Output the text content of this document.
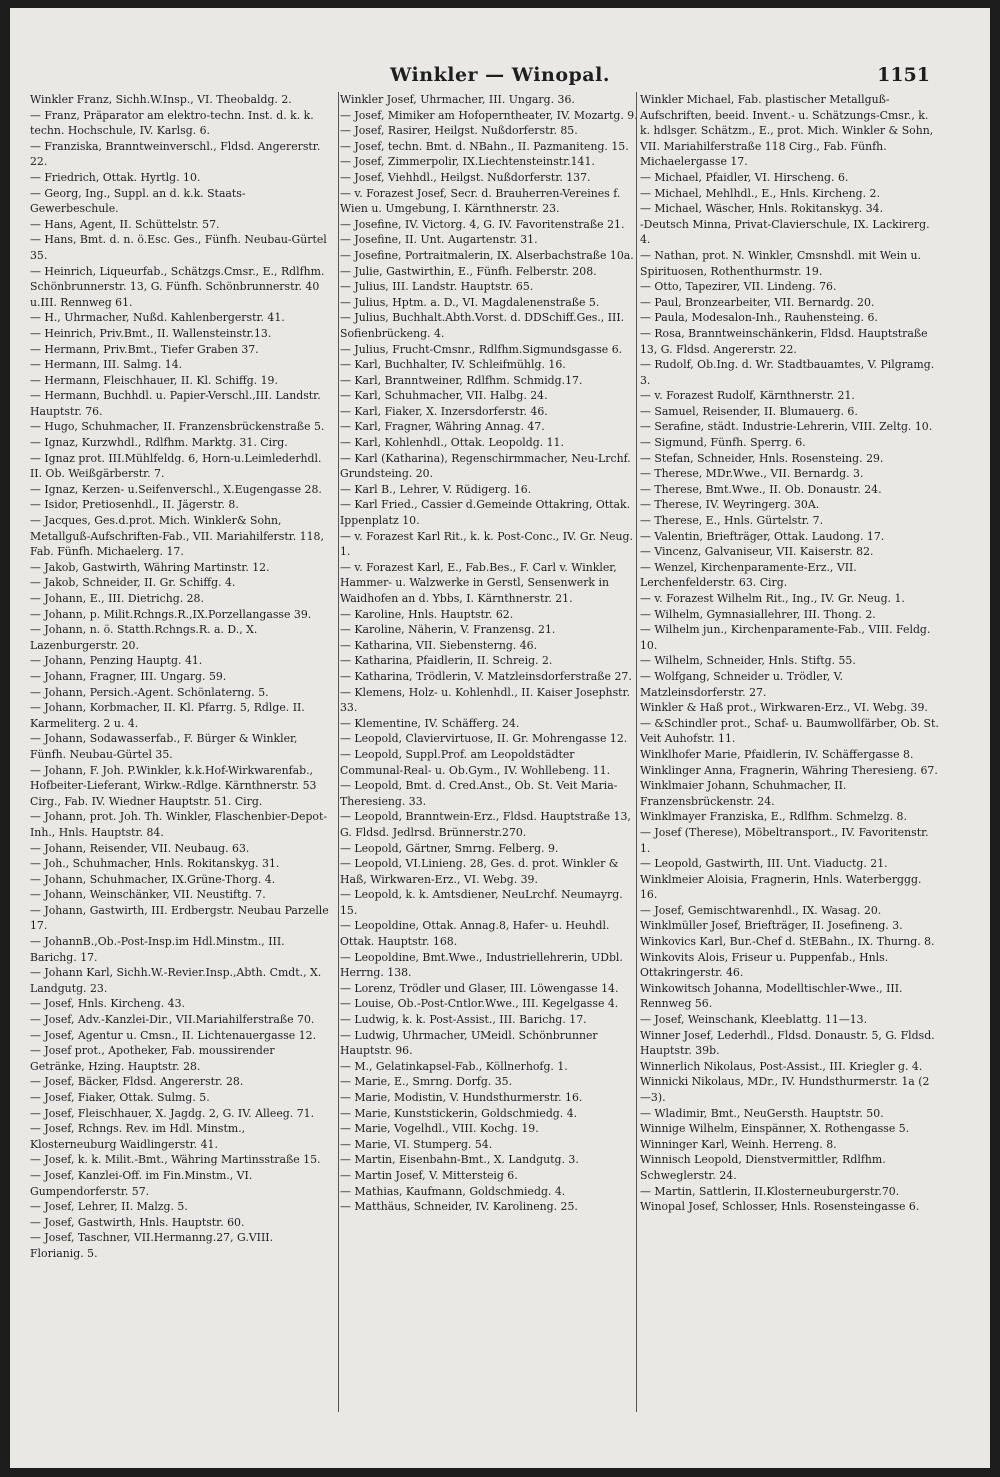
Winkler — Winopal.	1151

Winkler Franz, Sichh.W.Insp., VI. Theobaldg. 2.

— Franz, Präparator am elektro-techn. Inst. d. k. k. techn. Hochschule, IV. Karlsg. 6.

— Franziska, Branntweinverschl., Fldsd. Angererstr. 22.

— Friedrich, Ottak. Hyrtlg. 10.

— Georg, Ing., Suppl. an d. k.k. Staats-Gewerbeschule.

— Hans, Agent, II. Schüttelstr. 57.

— Hans, Bmt. d. n. ö.Esc. Ges., Fünfh. Neubau-Gürtel 35.

— Heinrich, Liqueurfab., Schätzgs.Cmsr., E., Rdlfhm. Schönbrunnerstr. 13, G. Fünfh. Schönbrunnerstr. 40 u.III. Rennweg 61.

— H., Uhrmacher, Nußd. Kahlenbergerstr. 41.

— Heinrich, Priv.Bmt., II. Wallensteinstr.13.

— Hermann, Priv.Bmt., Tiefer Graben 37.

— Hermann, III. Salmg. 14.

— Hermann, Fleischhauer, II. Kl. Schiffg. 19.

— Hermann, Buchhdl. u. Papier-Verschl.,III. Landstr. Hauptstr. 76.

— Hugo, Schuhmacher, II. Franzensbrückenstraße 5.

— Ignaz, Kurzwhdl., Rdlfhm. Marktg. 31. Cirg.

— Ignaz prot. III.Mühlfeldg. 6, Horn-u.Leimlederhdl. II. Ob. Weißgärberstr. 7.

— Ignaz, Kerzen- u.Seifenverschl., X.Eugengasse 28.

— Isidor, Pretiosenhdl., II. Jägerstr. 8.

— Jacques, Ges.d.prot. Mich. Winkler& Sohn, Metallguß-Aufschriften-Fab., VII. Mariahilferstr. 118, Fab. Fünfh. Michaelerg. 17.

— Jakob, Gastwirth, Währing Martinstr. 12.

— Jakob, Schneider, II. Gr. Schiffg. 4.

— Johann, E., III. Dietrichg. 28.

— Johann, p. Milit.Rchngs.R.,IX.Porzellangasse 39.

— Johann, n. ö. Statth.Rchngs.R. a. D., X. Lazenburgerstr. 20.

— Johann, Penzing Hauptg. 41.

— Johann, Fragner, III. Ungarg. 59.

— Johann, Persich.-Agent. Schönlaterng. 5.

— Johann, Korbmacher, II. Kl. Pfarrg. 5, Rdlge. II. Karmeliterg. 2 u. 4.

— Johann, Sodawasserfab., F. Bürger & Winkler, Fünfh. Neubau-Gürtel 35.

— Johann, F. Joh. P.Winkler, k.k.Hof-Wirkwarenfab., Hofbeiter-Lieferant, Wirkw.-Rdlge. Kärnthnerstr. 53 Cirg., Fab. IV. Wiedner Hauptstr. 51. Cirg.

— Johann, prot. Joh. Th. Winkler, Flaschenbier-Depot-Inh., Hnls. Hauptstr. 84.

— Johann, Reisender, VII. Neubaug. 63.

— Joh., Schuhmacher, Hnls. Rokitanskyg. 31.

— Johann, Schuhmacher, IX.Grüne-Thorg. 4.

— Johann, Weinschänker, VII. Neustiftg. 7.

— Johann, Gastwirth, III. Erdbergstr. Neubau Parzelle 17.

— JohannB.,Ob.-Post-Insp.im Hdl.Minstm., III. Barichg. 17.

— Johann Karl, Sichh.W.-Revier.Insp.,Abth. Cmdt., X. Landgutg. 23.

— Josef, Hnls. Kircheng. 43.

— Josef, Adv.-Kanzlei-Dir., VII.Mariahilferstraße 70.

— Josef, Agentur u. Cmsn., II. Lichtenauergasse 12.

— Josef prot., Apotheker, Fab. moussirender Getränke, Hzing. Hauptstr. 28.

— Josef, Bäcker, Fldsd. Angererstr. 28.

— Josef, Fiaker, Ottak. Sulmg. 5.

— Josef, Fleischhauer, X. Jagdg. 2, G. IV. Alleeg. 71.

— Josef, Rchngs. Rev. im Hdl. Minstm., Klosterneuburg Waidlingerstr. 41.

— Josef, k. k. Milit.-Bmt., Währing Martinsstraße 15.

— Josef, Kanzlei-Off. im Fin.Minstm., VI. Gumpendorferstr. 57.

— Josef, Lehrer, II. Malzg. 5.

— Josef, Gastwirth, Hnls. Hauptstr. 60.

— Josef, Taschner, VII.Hermanng.27, G.VIII. Florianig. 5.

Winkler Josef, Uhrmacher, III. Ungarg. 36.

— Josef, Mimiker am Hofoperntheater, IV. Mozartg. 9.

— Josef, Rasirer, Heilgst. Nußdorferstr. 85.

— Josef, techn. Bmt. d. NBahn., II. Pazmaniteng. 15.

— Josef, Zimmerpolir, IX.Liechtensteinstr.141.

— Josef, Viehhdl., Heilgst. Nußdorferstr. 137.

— v. Forazest Josef, Secr. d. Brauherren-Vereines f. Wien u. Umgebung, I. Kärnthnerstr. 23.

— Josefine, IV. Victorg. 4, G. IV. Favoritenstraße 21.

— Josefine, II. Unt. Augartenstr. 31.

— Josefine, Portraitmalerin, IX. Alserbachstraße 10a.

— Julie, Gastwirthin, E., Fünfh. Felberstr. 208.

— Julius, III. Landstr. Hauptstr. 65.

— Julius, Hptm. a. D., VI. Magdalenenstraße 5.

— Julius, Buchhalt.Abth.Vorst. d. DDSchiff.Ges., III. Sofienbrückeng. 4.

— Julius, Frucht-Cmsnr., Rdlfhm.Sigmundsgasse 6.

— Karl, Buchhalter, IV. Schleifmühlg. 16.

— Karl, Branntweiner, Rdlfhm. Schmidg.17.

— Karl, Schuhmacher, VII. Halbg. 24.

— Karl, Fiaker, X. Inzersdorferstr. 46.

— Karl, Fragner, Währing Annag. 47.

— Karl, Kohlenhdl., Ottak. Leopoldg. 11.

— Karl (Katharina), Regenschirmmacher, Neu-Lrchf. Grundsteing. 20.

— Karl B., Lehrer, V. Rüdigerg. 16.

— Karl Fried., Cassier d.Gemeinde Ottakring, Ottak. Ippenplatz 10.

— v. Forazest Karl Rit., k. k. Post-Conc., IV. Gr. Neug. 1.

— v. Forazest Karl, E., Fab.Bes., F. Carl v. Winkler, Hammer- u. Walzwerke in Gerstl, Sensenwerk in Waidhofen an d. Ybbs, I. Kärnthnerstr. 21.

— Karoline, Hnls. Hauptstr. 62.

— Karoline, Näherin, V. Franzensg. 21.

— Katharina, VII. Siebensterng. 46.

— Katharina, Pfaidlerin, II. Schreig. 2.

— Katharina, Trödlerin, V. Matzleinsdorferstraße 27.

— Klemens, Holz- u. Kohlenhdl., II. Kaiser Josephstr. 33.

— Klementine, IV. Schäfferg. 24.

— Leopold, Claviervirtuose, II. Gr. Mohrengasse 12.

— Leopold, Suppl.Prof. am Leopoldstädter Communal-Real- u. Ob.Gym., IV. Wohllebeng. 11.

— Leopold, Bmt. d. Cred.Anst., Ob. St. Veit Maria-Theresieng. 33.

— Leopold, Branntwein-Erz., Fldsd. Hauptstraße 13, G. Fldsd. Jedlrsd. Brünnerstr.270.

— Leopold, Gärtner, Smrng. Felberg. 9.

— Leopold, VI.Linieng. 28, Ges. d. prot. Winkler & Haß, Wirkwaren-Erz., VI. Webg. 39.

— Leopold, k. k. Amtsdiener, NeuLrchf. Neumayrg. 15.

— Leopoldine, Ottak. Annag.8, Hafer- u. Heuhdl. Ottak. Hauptstr. 168.

— Leopoldine, Bmt.Wwe., Industriellehrerin, UDbl. Herrng. 138.

— Lorenz, Trödler und Glaser, III. Löwengasse 14.

— Louise, Ob.-Post-Cntlor.Wwe., III. Kegelgasse 4.

— Ludwig, k. k. Post-Assist., III. Barichg. 17.

— Ludwig, Uhrmacher, UMeidl. Schönbrunner Hauptstr. 96.

— M., Gelatinkapsel-Fab., Köllnerhofg. 1.

— Marie, E., Smrng. Dorfg. 35.

— Marie, Modistin, V. Hundsthurmerstr. 16.

— Marie, Kunststickerin, Goldschmiedg. 4.

— Marie, Vogelhdl., VIII. Kochg. 19.

— Marie, VI. Stumperg. 54.

— Martin, Eisenbahn-Bmt., X. Landgutg. 3.

— Martin Josef, V. Mittersteig 6.

— Mathias, Kaufmann, Goldschmiedg. 4.

— Matthäus, Schneider, IV. Karolineng. 25.

Winkler Michael, Fab. plastischer Metallguß-Aufschriften, beeid. Invent.- u. Schätzungs-Cmsr., k. k. hdlsger. Schätzm., E., prot. Mich. Winkler & Sohn, VII. Mariahilferstraße 118 Cirg., Fab. Fünfh. Michaelergasse 17.

— Michael, Pfaidler, VI. Hirscheng. 6.

— Michael, Mehlhdl., E., Hnls. Kircheng. 2.

— Michael, Wäscher, Hnls. Rokitanskyg. 34.

-Deutsch Minna, Privat-Clavierschule, IX. Lackirerg. 4.

— Nathan, prot. N. Winkler, Cmsnshdl. mit Wein u. Spirituosen, Rothenthurmstr. 19.

— Otto, Tapezirer, VII. Lindeng. 76.

— Paul, Bronzearbeiter, VII. Bernardg. 20.

— Paula, Modesalon-Inh., Rauhensteing. 6.

— Rosa, Branntweinschänkerin, Fldsd. Hauptstraße 13, G. Fldsd. Angererstr. 22.

— Rudolf, Ob.Ing. d. Wr. Stadtbauamtes, V. Pilgramg. 3.

— v. Forazest Rudolf, Kärnthnerstr. 21.

— Samuel, Reisender, II. Blumauerg. 6.

— Serafine, städt. Industrie-Lehrerin, VIII. Zeltg. 10.

— Sigmund, Fünfh. Sperrg. 6.

— Stefan, Schneider, Hnls. Rosensteing. 29.

— Therese, MDr.Wwe., VII. Bernardg. 3.

— Therese, Bmt.Wwe., II. Ob. Donaustr. 24.

— Therese, IV. Weyringerg. 30A.

— Therese, E., Hnls. Gürtelstr. 7.

— Valentin, Briefträger, Ottak. Laudong. 17.

— Vincenz, Galvaniseur, VII. Kaiserstr. 82.

— Wenzel, Kirchenparamente-Erz., VII. Lerchenfelderstr. 63. Cirg.

— v. Forazest Wilhelm Rit., Ing., IV. Gr. Neug. 1.

— Wilhelm, Gymnasiallehrer, III. Thong. 2.

— Wilhelm jun., Kirchenparamente-Fab., VIII. Feldg. 10.

— Wilhelm, Schneider, Hnls. Stiftg. 55.

— Wolfgang, Schneider u. Trödler, V. Matzleinsdorferstr. 27.

Winkler & Haß prot., Wirkwaren-Erz., VI. Webg. 39.

— &Schindler prot., Schaf- u. Baumwollfärber, Ob. St. Veit Auhofstr. 11.

Winklhofer Marie, Pfaidlerin, IV. Schäffergasse 8.

Winklinger Anna, Fragnerin, Währing Theresieng. 67.

Winklmaier Johann, Schuhmacher, II. Franzensbrückenstr. 24.

Winklmayer Franziska, E., Rdlfhm. Schmelzg. 8.

— Josef (Therese), Möbeltransport., IV. Favoritenstr. 1.

— Leopold, Gastwirth, III. Unt. Viaductg. 21.

Winklmeier Aloisia, Fragnerin, Hnls. Waterberggg. 16.

— Josef, Gemischtwarenhdl., IX. Wasag. 20.

Winklmüller Josef, Briefträger, II. Josefineng. 3.

Winkovics Karl, Bur.-Chef d. StEBahn., IX. Thurng. 8.

Winkovits Alois, Friseur u. Puppenfab., Hnls. Ottakringerstr. 46.

Winkowitsch Johanna, Modelltischler-Wwe., III. Rennweg 56.

— Josef, Weinschank, Kleeblattg. 11—13.

Winner Josef, Lederhdl., Fldsd. Donaustr. 5, G. Fldsd. Hauptstr. 39b.

Winnerlich Nikolaus, Post-Assist., III. Kriegler g. 4.

Winnicki Nikolaus, MDr., IV. Hundsthurmerstr. 1a (2—3).

— Wladimir, Bmt., NeuGersth. Hauptstr. 50.

Winnige Wilhelm, Einspänner, X. Rothengasse 5.

Winninger Karl, Weinh. Herreng. 8.

Winnisch Leopold, Dienstvermittler, Rdlfhm. Schweglerstr. 24.

— Martin, Sattlerin, II.Klosterneuburgerstr.70.

Winopal Josef, Schlosser, Hnls. Rosensteingasse 6.
